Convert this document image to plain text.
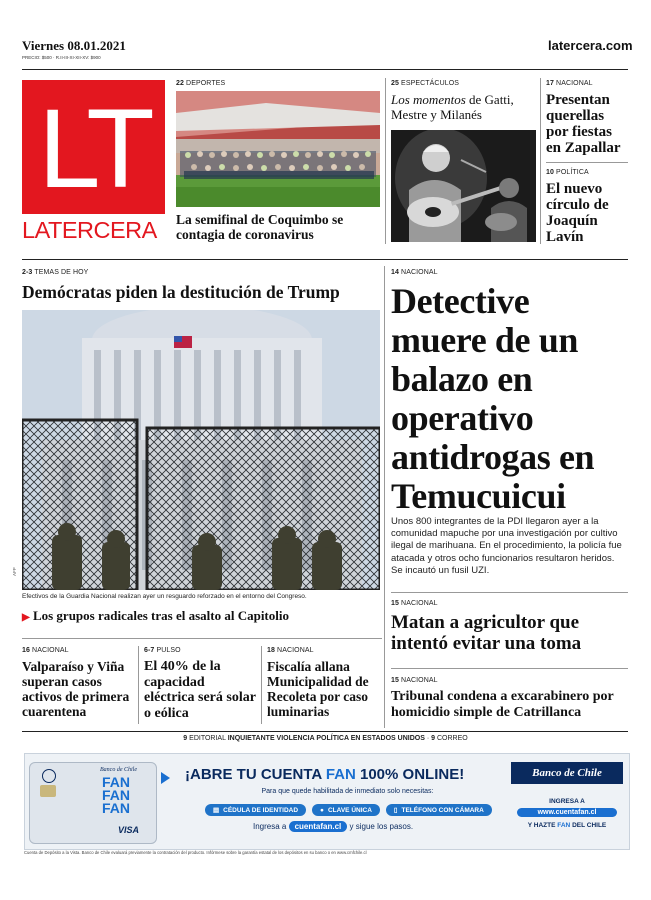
Viernes 08.01.2021
PRECIO: $500 · R.II-III-XI-XII-XV: $900
latercera.com
LT
LATERCERA
22 DEPORTES
La semifinal de Coquimbo se contagia de coronavirus
25 ESPECTÁCULOS
Los momentos de Gatti, Mestre y Milanés
17 NACIONAL
Presentan querellas por fiestas en Zapallar
10 POLÍTICA
El nuevo círculo de Joaquín Lavín
2-3 TEMAS DE HOY
Demócratas piden la destitución de Trump
AFP
Efectivos de la Guardia Nacional realizan ayer un resguardo reforzado en el entorno del Congreso.
▶ Los grupos radicales tras el asalto al Capitolio
14 NACIONAL
Detective muere de un balazo en operativo antidrogas en Temucuicui
Unos 800 integrantes de la PDI llegaron ayer a la comunidad mapuche por una investigación por cultivo ilegal de marihuana. En el procedimiento, la policía fue atacada y otros ocho funcionarios resultaron heridos. Se incautó un fusil UZI.
15 NACIONAL
Matan a agricultor que intentó evitar una toma
15 NACIONAL
Tribunal condena a excarabinero por homicidio simple de Catrillanca
16 NACIONAL
Valparaíso y Viña superan casos activos de primera cuarentena
6-7 PULSO
El 40% de la capacidad eléctrica será solar o eólica
18 NACIONAL
Fiscalía allana Municipalidad de Recoleta por caso luminarias
9 EDITORIAL INQUIETANTE VIOLENCIA POLÍTICA EN ESTADOS UNIDOS · 9 CORREO
Banco de Chile
FAN
FAN
FAN
VISA
¡ABRE TU CUENTA FAN 100% ONLINE!
Para que quede habilitada de inmediato solo necesitas:
▤ CÉDULA DE IDENTIDAD	● CLAVE ÚNICA	▯ TELÉFONO CON CÁMARA
Ingresa a cuentafan.cl y sigue los pasos.
Banco de Chile
INGRESA A
www.cuentafan.cl
Y HAZTE FAN DEL CHILE
Cuenta de Depósito a la Vista. Banco de Chile evaluará previamente la contratación del producto. Infórmese sobre la garantía estatal de los depósitos en su banco o en www.cmfchile.cl
